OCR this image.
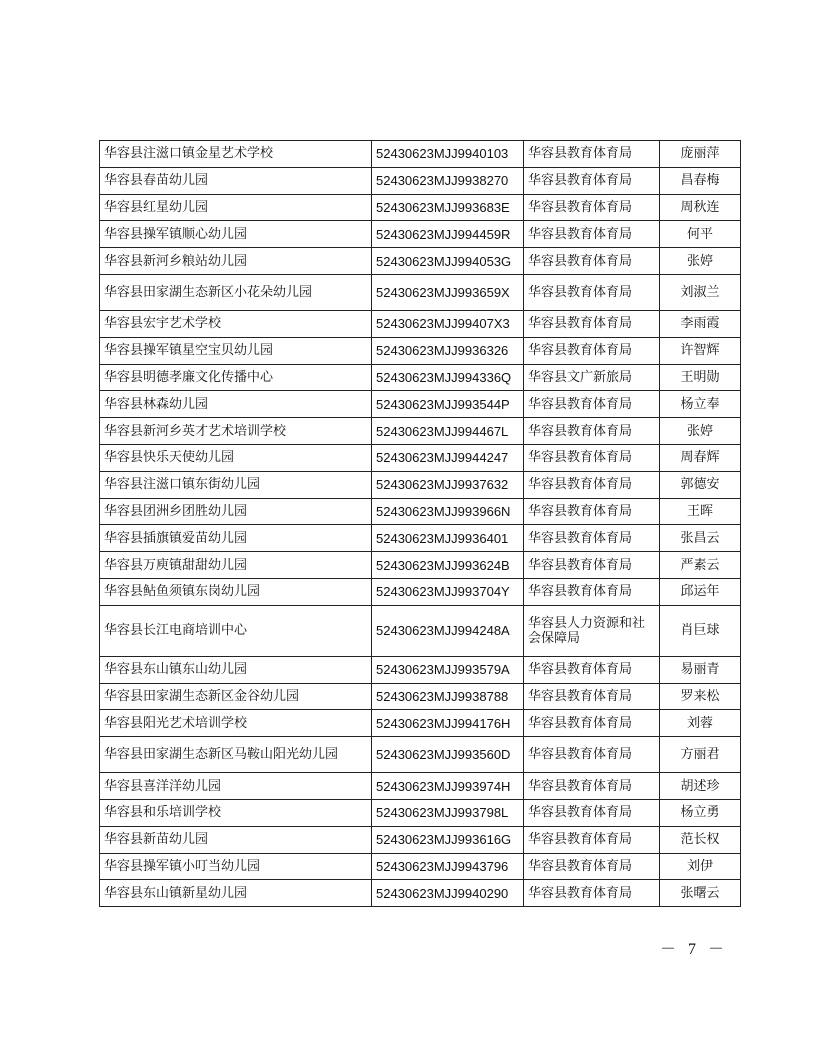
华容县注滋口镇金星艺术学校	52430623MJJ9940103	华容县教育体育局	庞丽萍
华容县春苗幼儿园	52430623MJJ9938270	华容县教育体育局	昌春梅
华容县红星幼儿园	52430623MJJ993683E	华容县教育体育局	周秋连
华容县操军镇顺心幼儿园	52430623MJJ994459R	华容县教育体育局	何平
华容县新河乡粮站幼儿园	52430623MJJ994053G	华容县教育体育局	张婷
华容县田家湖生态新区小花朵幼儿园	52430623MJJ993659X	华容县教育体育局	刘淑兰
华容县宏宇艺术学校	52430623MJJ99407X3	华容县教育体育局	李雨霞
华容县操军镇星空宝贝幼儿园	52430623MJJ9936326	华容县教育体育局	许智辉
华容县明德孝廉文化传播中心	52430623MJJ994336Q	华容县文广新旅局	王明勋
华容县林森幼儿园	52430623MJJ993544P	华容县教育体育局	杨立奉
华容县新河乡英才艺术培训学校	52430623MJJ994467L	华容县教育体育局	张婷
华容县快乐天使幼儿园	52430623MJJ9944247	华容县教育体育局	周春辉
华容县注滋口镇东街幼儿园	52430623MJJ9937632	华容县教育体育局	郭德安
华容县团洲乡团胜幼儿园	52430623MJJ993966N	华容县教育体育局	王晖
华容县插旗镇爱苗幼儿园	52430623MJJ9936401	华容县教育体育局	张昌云
华容县万庾镇甜甜幼儿园	52430623MJJ993624B	华容县教育体育局	严素云
华容县鲇鱼须镇东岗幼儿园	52430623MJJ993704Y	华容县教育体育局	邱运年
华容县长江电商培训中心	52430623MJJ994248A	华容县人力资源和社会保障局	肖巨球
华容县东山镇东山幼儿园	52430623MJJ993579A	华容县教育体育局	易丽青
华容县田家湖生态新区金谷幼儿园	52430623MJJ9938788	华容县教育体育局	罗来松
华容县阳光艺术培训学校	52430623MJJ994176H	华容县教育体育局	刘蓉
华容县田家湖生态新区马鞍山阳光幼儿园	52430623MJJ993560D	华容县教育体育局	方丽君
华容县喜洋洋幼儿园	52430623MJJ993974H	华容县教育体育局	胡述珍
华容县和乐培训学校	52430623MJJ993798L	华容县教育体育局	杨立勇
华容县新苗幼儿园	52430623MJJ993616G	华容县教育体育局	范长权
华容县操军镇小叮当幼儿园	52430623MJJ9943796	华容县教育体育局	刘伊
华容县东山镇新星幼儿园	52430623MJJ9940290	华容县教育体育局	张曙云
－ 7 －
